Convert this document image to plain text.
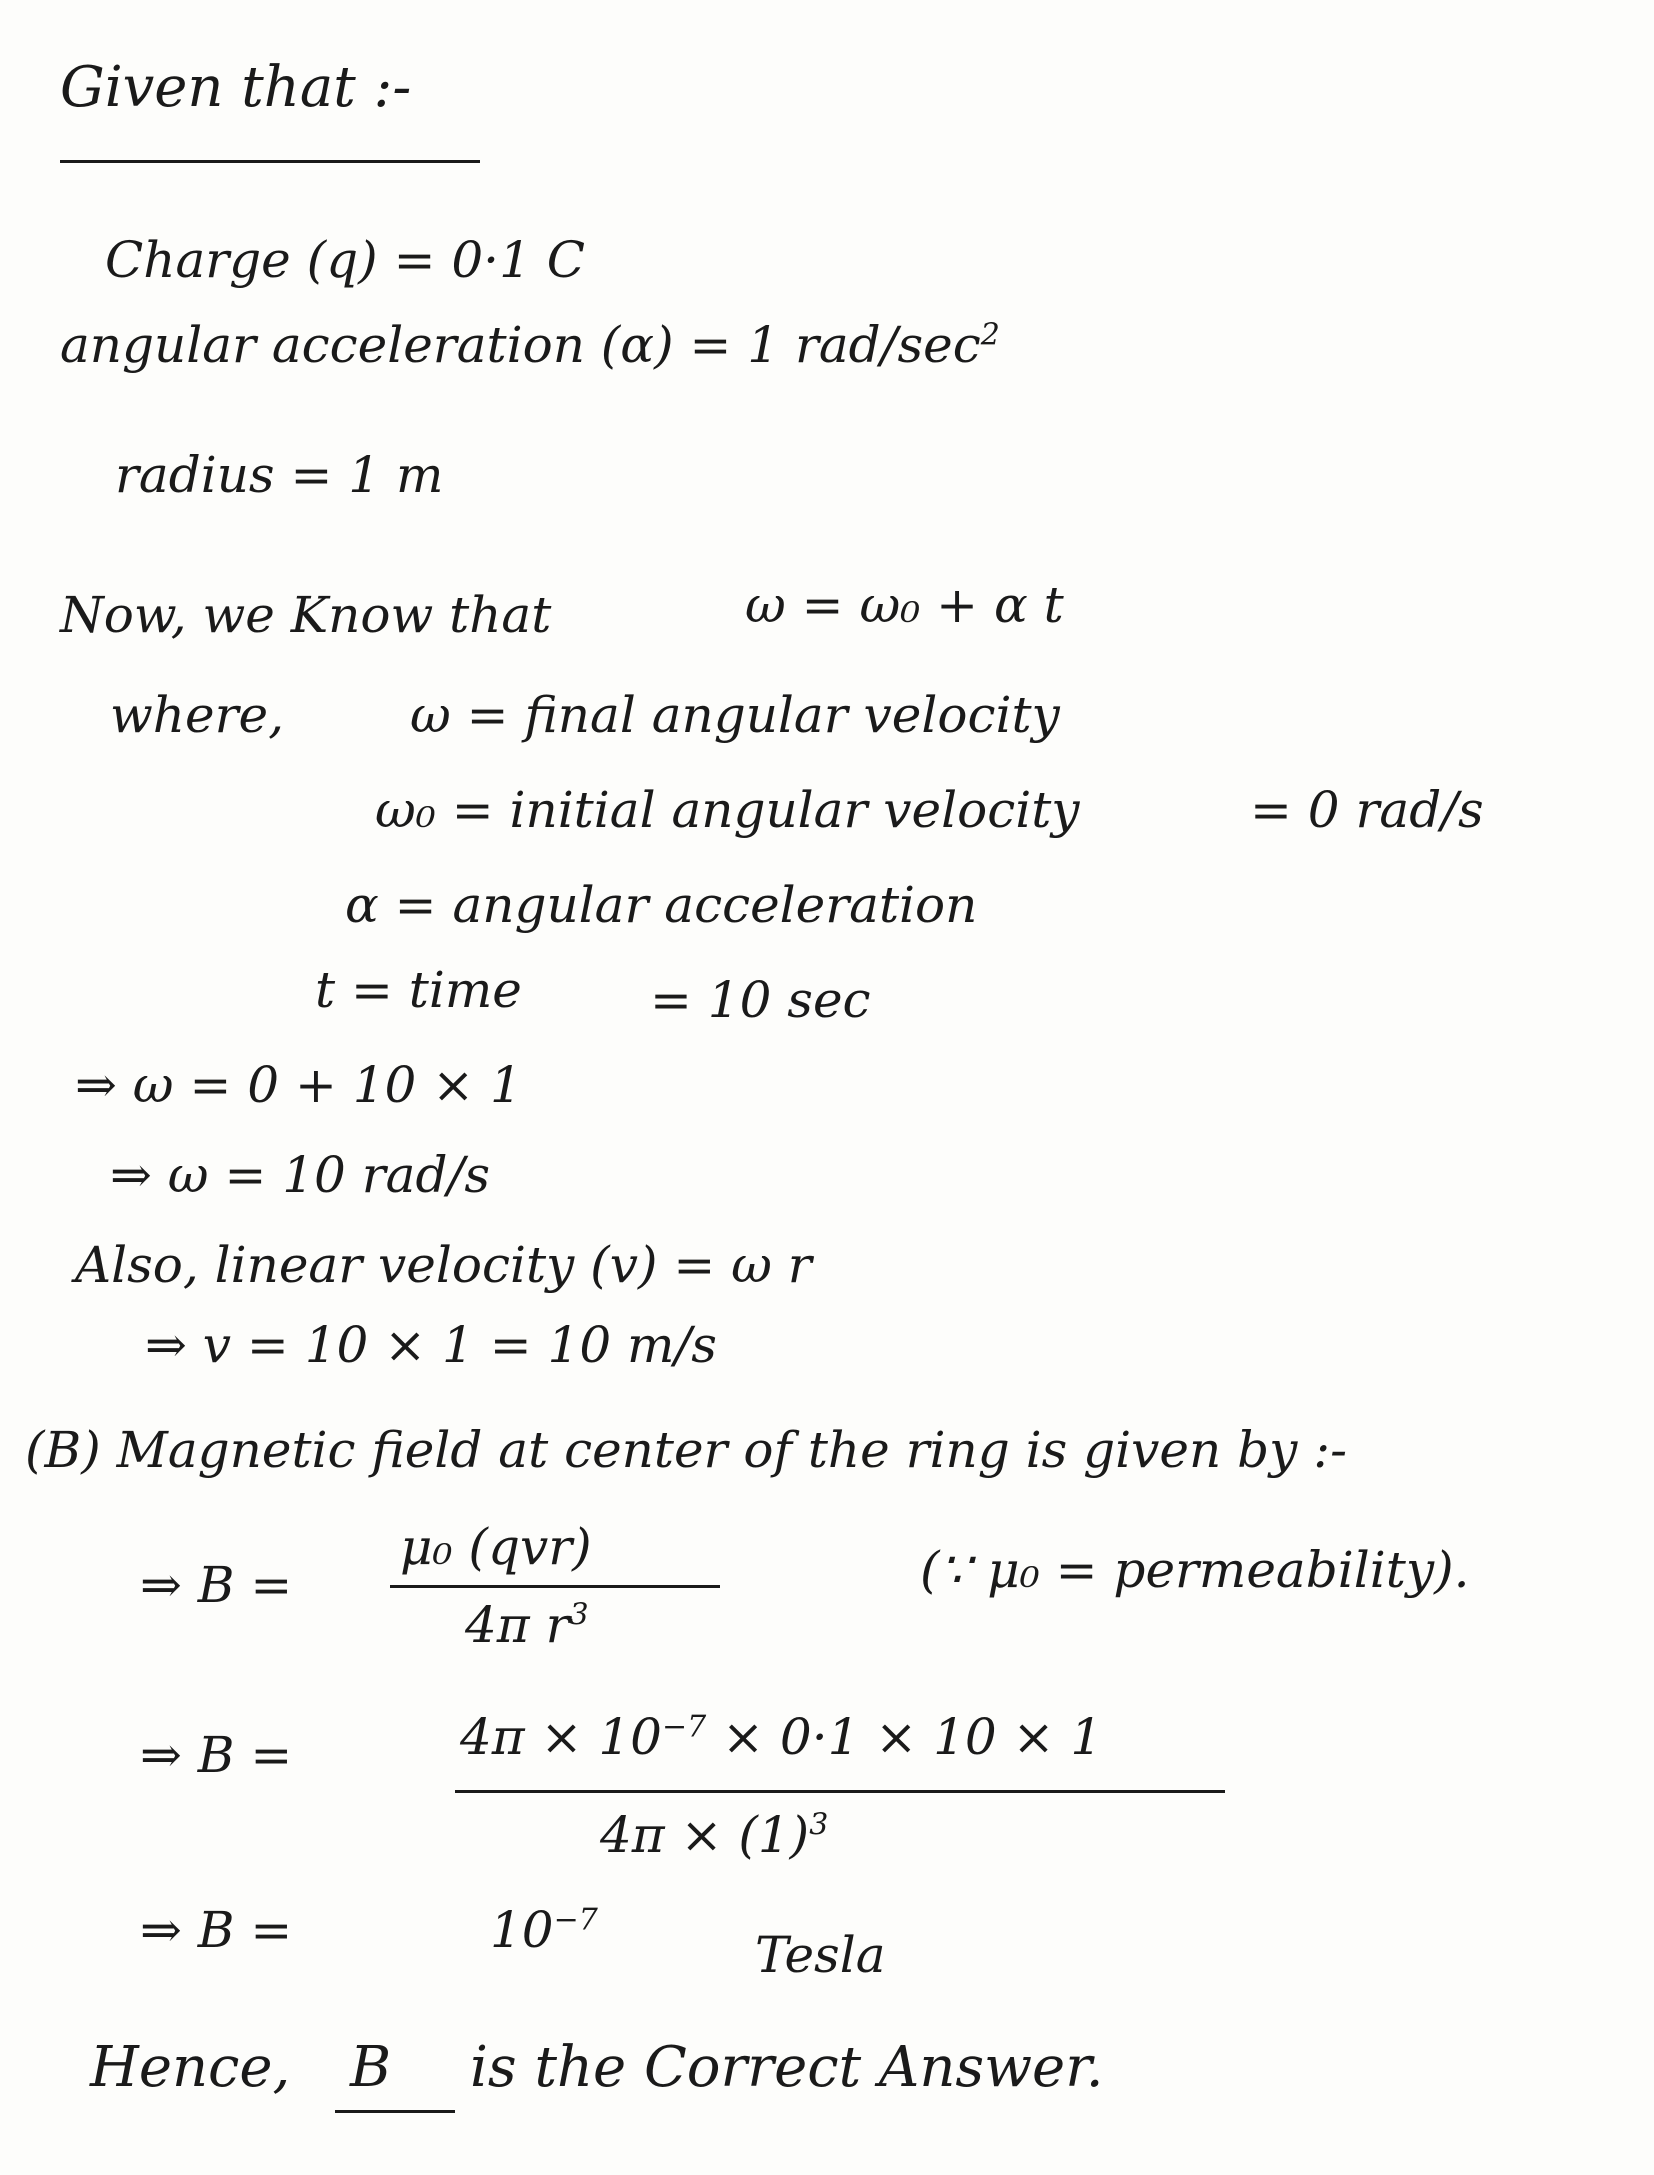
Given that :-
Charge (q) = 0·1 C
angular acceleration (α) = 1 rad/$\sec^2$
radius = 1 m
Now, we Know that	ω = ω₀ + α t
where,	ω = final angular velocity
ω₀ = initial angular velocity	= 0 rad/s
α = angular acceleration
t = time	= 10 sec
⇒ ω = 0 + 10 × 1
⇒ ω = 10 rad/s
Also, linear velocity (v) = ω r
⇒ v = 10 × 1 = 10 m/s
(B) Magnetic field at center of the ring is given by :-
⇒ B =
μ₀ (qvr)
4π $r^3$
(∵ μ₀ = permeability).
⇒ B =	$4\pi \times 10^{-7} \times 0\cdot 1 \times 10 \times 1$
$4\pi \times (1)^3$
⇒ B =	$10^{-7}$
Tesla
Hence, B is the Correct Answer.
